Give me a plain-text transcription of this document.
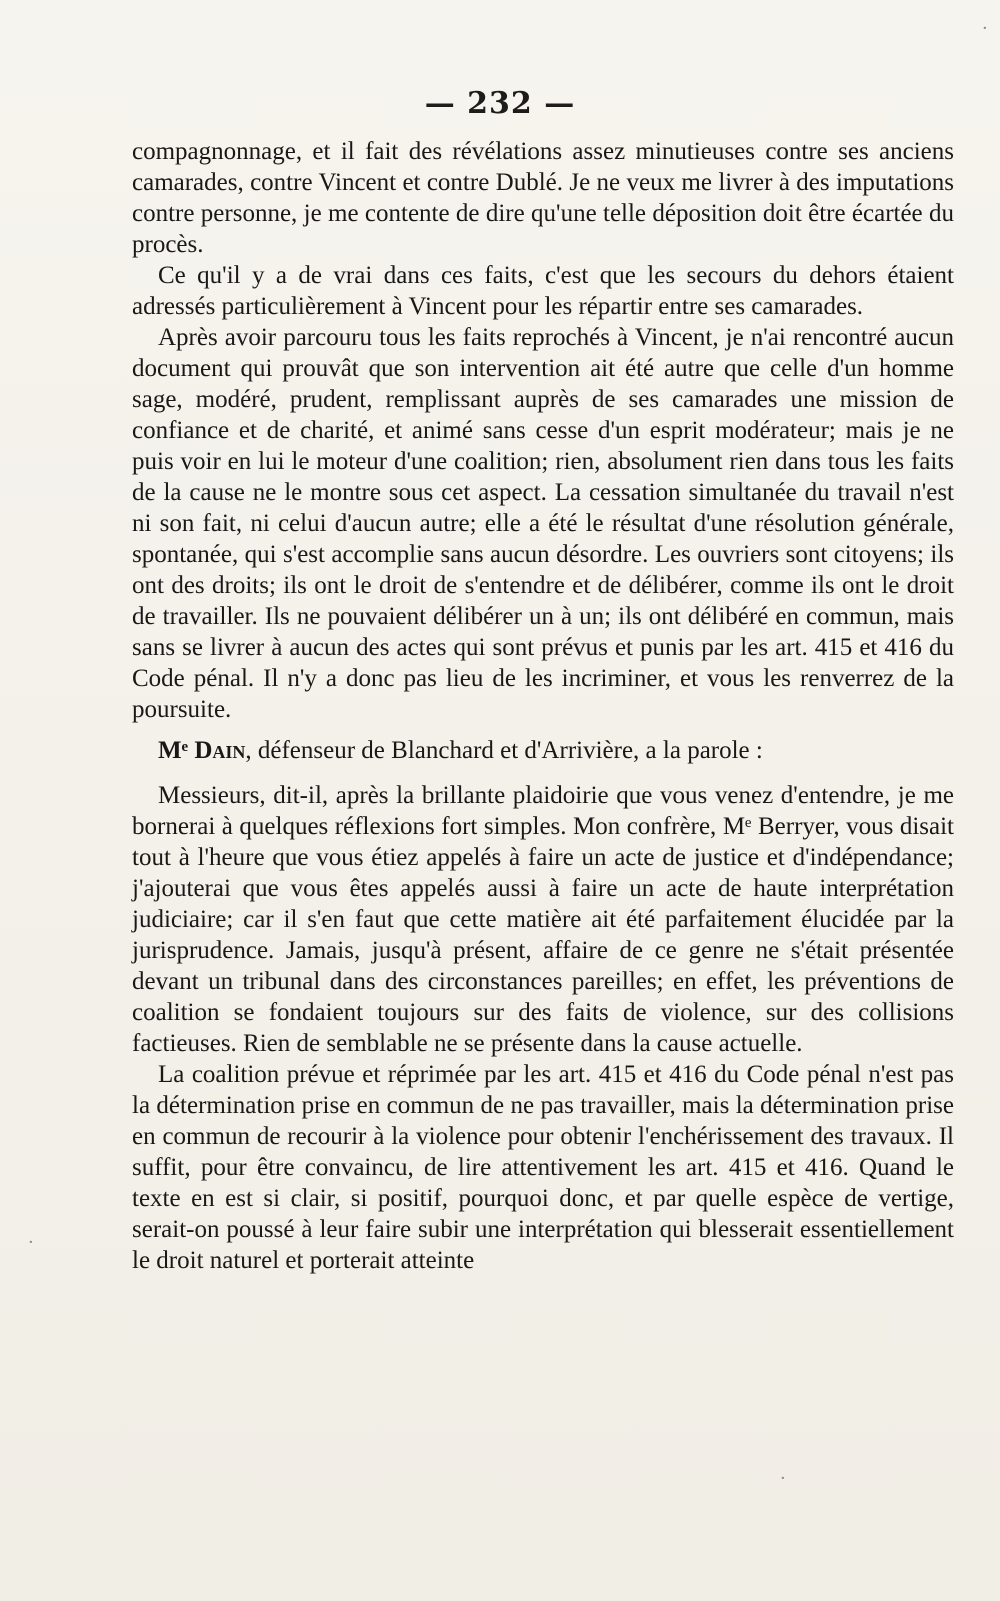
— 232 —

compagnonnage, et il fait des révélations assez minutieuses contre ses anciens camarades, contre Vincent et contre Dublé. Je ne veux me livrer à des imputations contre personne, je me contente de dire qu'une telle déposition doit être écartée du procès.

Ce qu'il y a de vrai dans ces faits, c'est que les secours du dehors étaient adressés particulièrement à Vincent pour les répartir entre ses camarades.

Après avoir parcouru tous les faits reprochés à Vincent, je n'ai rencontré aucun document qui prouvât que son intervention ait été autre que celle d'un homme sage, modéré, prudent, remplissant auprès de ses camarades une mission de confiance et de charité, et animé sans cesse d'un esprit modérateur; mais je ne puis voir en lui le moteur d'une coalition; rien, absolument rien dans tous les faits de la cause ne le montre sous cet aspect. La cessation simultanée du travail n'est ni son fait, ni celui d'aucun autre; elle a été le résultat d'une résolution générale, spontanée, qui s'est accomplie sans aucun désordre. Les ouvriers sont citoyens; ils ont des droits; ils ont le droit de s'entendre et de délibérer, comme ils ont le droit de travailler. Ils ne pouvaient délibérer un à un; ils ont délibéré en commun, mais sans se livrer à aucun des actes qui sont prévus et punis par les art. 415 et 416 du Code pénal. Il n'y a donc pas lieu de les incriminer, et vous les renverrez de la poursuite.

Mᵉ Dain, défenseur de Blanchard et d'Arrivière, a la parole :

Messieurs, dit-il, après la brillante plaidoirie que vous venez d'entendre, je me bornerai à quelques réflexions fort simples. Mon confrère, Mᵉ Berryer, vous disait tout à l'heure que vous étiez appelés à faire un acte de justice et d'indépendance; j'ajouterai que vous êtes appelés aussi à faire un acte de haute interprétation judiciaire; car il s'en faut que cette matière ait été parfaitement élucidée par la jurisprudence. Jamais, jusqu'à présent, affaire de ce genre ne s'était présentée devant un tribunal dans des circonstances pareilles; en effet, les préventions de coalition se fondaient toujours sur des faits de violence, sur des collisions factieuses. Rien de semblable ne se présente dans la cause actuelle.

La coalition prévue et réprimée par les art. 415 et 416 du Code pénal n'est pas la détermination prise en commun de ne pas travailler, mais la détermination prise en commun de recourir à la violence pour obtenir l'enchérissement des travaux. Il suffit, pour être convaincu, de lire attentivement les art. 415 et 416. Quand le texte en est si clair, si positif, pourquoi donc, et par quelle espèce de vertige, serait-on poussé à leur faire subir une interprétation qui blesserait essentiellement le droit naturel et porterait atteinte

·
·
·
